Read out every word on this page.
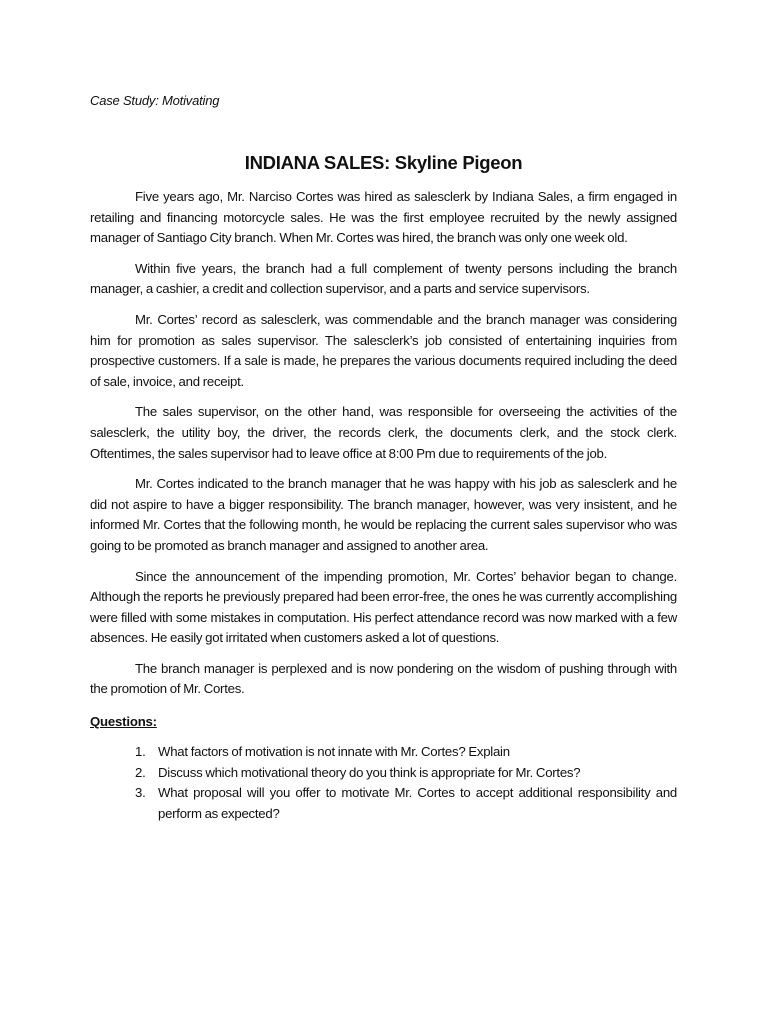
Case Study: Motivating
INDIANA SALES: Skyline Pigeon

Five years ago, Mr. Narciso Cortes was hired as salesclerk by Indiana Sales, a firm engaged in retailing and financing motorcycle sales. He was the first employee recruited by the newly assigned manager of Santiago City branch. When Mr. Cortes was hired, the branch was only one week old.

Within five years, the branch had a full complement of twenty persons including the branch manager, a cashier, a credit and collection supervisor, and a parts and service supervisors.

Mr. Cortes’ record as salesclerk, was commendable and the branch manager was considering him for promotion as sales supervisor. The salesclerk’s job consisted of entertaining inquiries from prospective customers. If a sale is made, he prepares the various documents required including the deed of sale, invoice, and receipt.

The sales supervisor, on the other hand, was responsible for overseeing the activities of the salesclerk, the utility boy, the driver, the records clerk, the documents clerk, and the stock clerk. Oftentimes, the sales supervisor had to leave office at 8:00 Pm due to requirements of the job.

Mr. Cortes indicated to the branch manager that he was happy with his job as salesclerk and he did not aspire to have a bigger responsibility. The branch manager, however, was very insistent, and he informed Mr. Cortes that the following month, he would be replacing the current sales supervisor who was going to be promoted as branch manager and assigned to another area.

Since the announcement of the impending promotion, Mr. Cortes’ behavior began to change. Although the reports he previously prepared had been error-free, the ones he was currently accomplishing were filled with some mistakes in computation. His perfect attendance record was now marked with a few absences. He easily got irritated when customers asked a lot of questions.

The branch manager is perplexed and is now pondering on the wisdom of pushing through with the promotion of Mr. Cortes.

Questions:
1. What factors of motivation is not innate with Mr. Cortes? Explain
2. Discuss which motivational theory do you think is appropriate for Mr. Cortes?
3. What proposal will you offer to motivate Mr. Cortes to accept additional responsibility and perform as expected?
